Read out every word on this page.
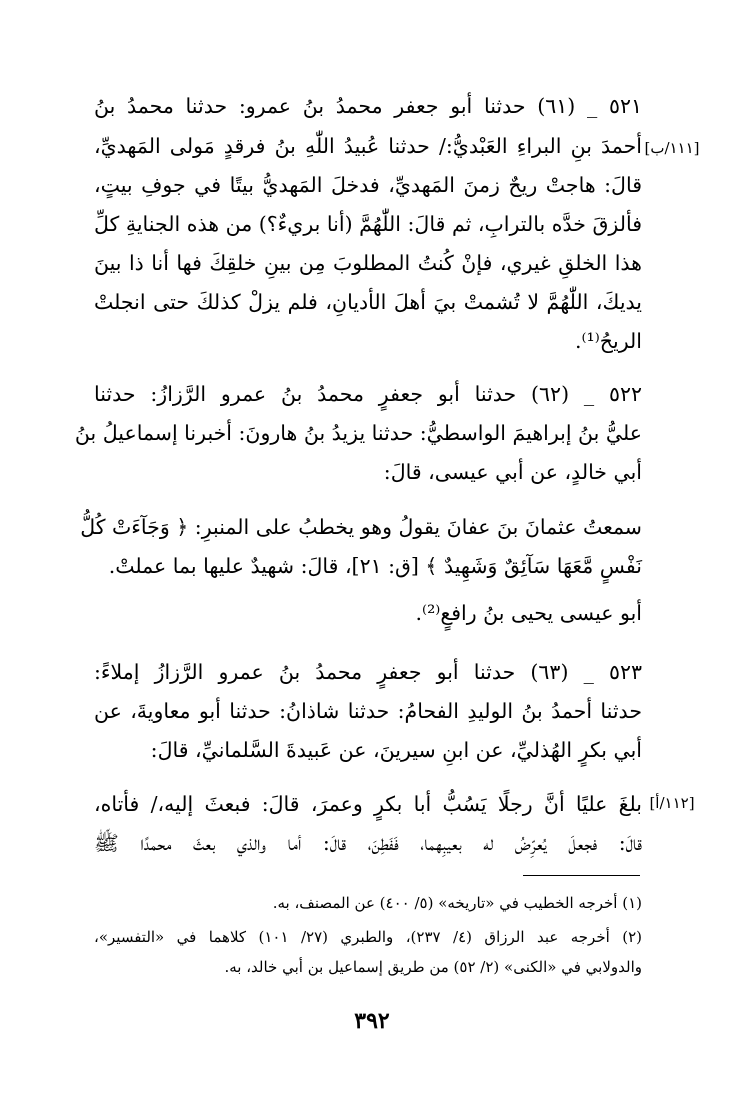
٥٢١ _ (٦١) حدثنا أبو جعفر محمدُ بنُ عمرو: حدثنا محمدُ بنُ
أحمدَ بنِ البراءِ العَبْديُّ:/ حدثنا عُبيدُ اللّٰهِ بنُ فرقدٍ مَولى المَهديِّ،
قالَ: هاجتْ ريحٌ زمنَ المَهديِّ، فدخلَ المَهديُّ بيتًا في جوفِ بيتٍ،
فألزقَ خدَّه بالترابِ، ثم قالَ: اللّٰهُمَّ (أنا بريءٌ؟) من هذه الجنايةِ كلِّ
هذا الخلقِ غيري، فإنْ كُنتُ المطلوبَ مِن بينِ خلقِكَ فها أنا ذا بينَ
يديكَ، اللّٰهُمَّ لا تُشمتْ بيَ أهلَ الأديانِ، فلم يزلْ كذلكَ حتى انجلتْ
الريحُ⁽¹⁾.
[١١١/ب]
٥٢٢ _ (٦٢) حدثنا أبو جعفرٍ محمدُ بنُ عمرو الرَّزازُ: حدثنا
عليُّ بنُ إبراهيمَ الواسطيُّ: حدثنا يزيدُ بنُ هارونَ: أخبرنا إسماعيلُ بنُ
أبي خالدٍ، عن أبي عيسى، قالَ:
سمعتُ عثمانَ بنَ عفانَ يقولُ وهو يخطبُ على المنبرِ: ﴿ وَجَآءَتْ كُلُّ
نَفْسٍ مَّعَهَا سَآئِقٌ وَشَهِيدٌ ﴾ [ق: ٢١]، قالَ: شهيدٌ عليها بما عملتْ.
أبو عيسى يحيى بنُ رافعٍ⁽²⁾.
٥٢٣ _ (٦٣) حدثنا أبو جعفرٍ محمدُ بنُ عمرو الرَّزازُ إملاءً:
حدثنا أحمدُ بنُ الوليدِ الفحامُ: حدثنا شاذانُ: حدثنا أبو معاويةَ، عن
أبي بكرٍ الهُذليِّ، عن ابنِ سيرينَ، عن عَبيدةَ السَّلمانيِّ، قالَ:
بلغَ عليًا أنَّ رجلًا يَسُبُّ أبا بكرٍ وعمرَ، قالَ: فبعثَ إليه،/ فأتاه،
قالَ: فجعلَ يُعرِّضُ له بعيبِهما، فَفَطِنَ، قالَ: أما والذي بعثَ محمدًا ﷺ
[١١٢/أ]
(١) أخرجه الخطيب في «تاريخه» (٥/ ٤٠٠) عن المصنف، به.
(٢) أخرجه عبد الرزاق (٤/ ٢٣٧)، والطبري (٢٧/ ١٠١) كلاهما في «التفسير»،
والدولابي في «الكنى» (٢/ ٥٢) من طريق إسماعيل بن أبي خالد، به.
٣٩٢
